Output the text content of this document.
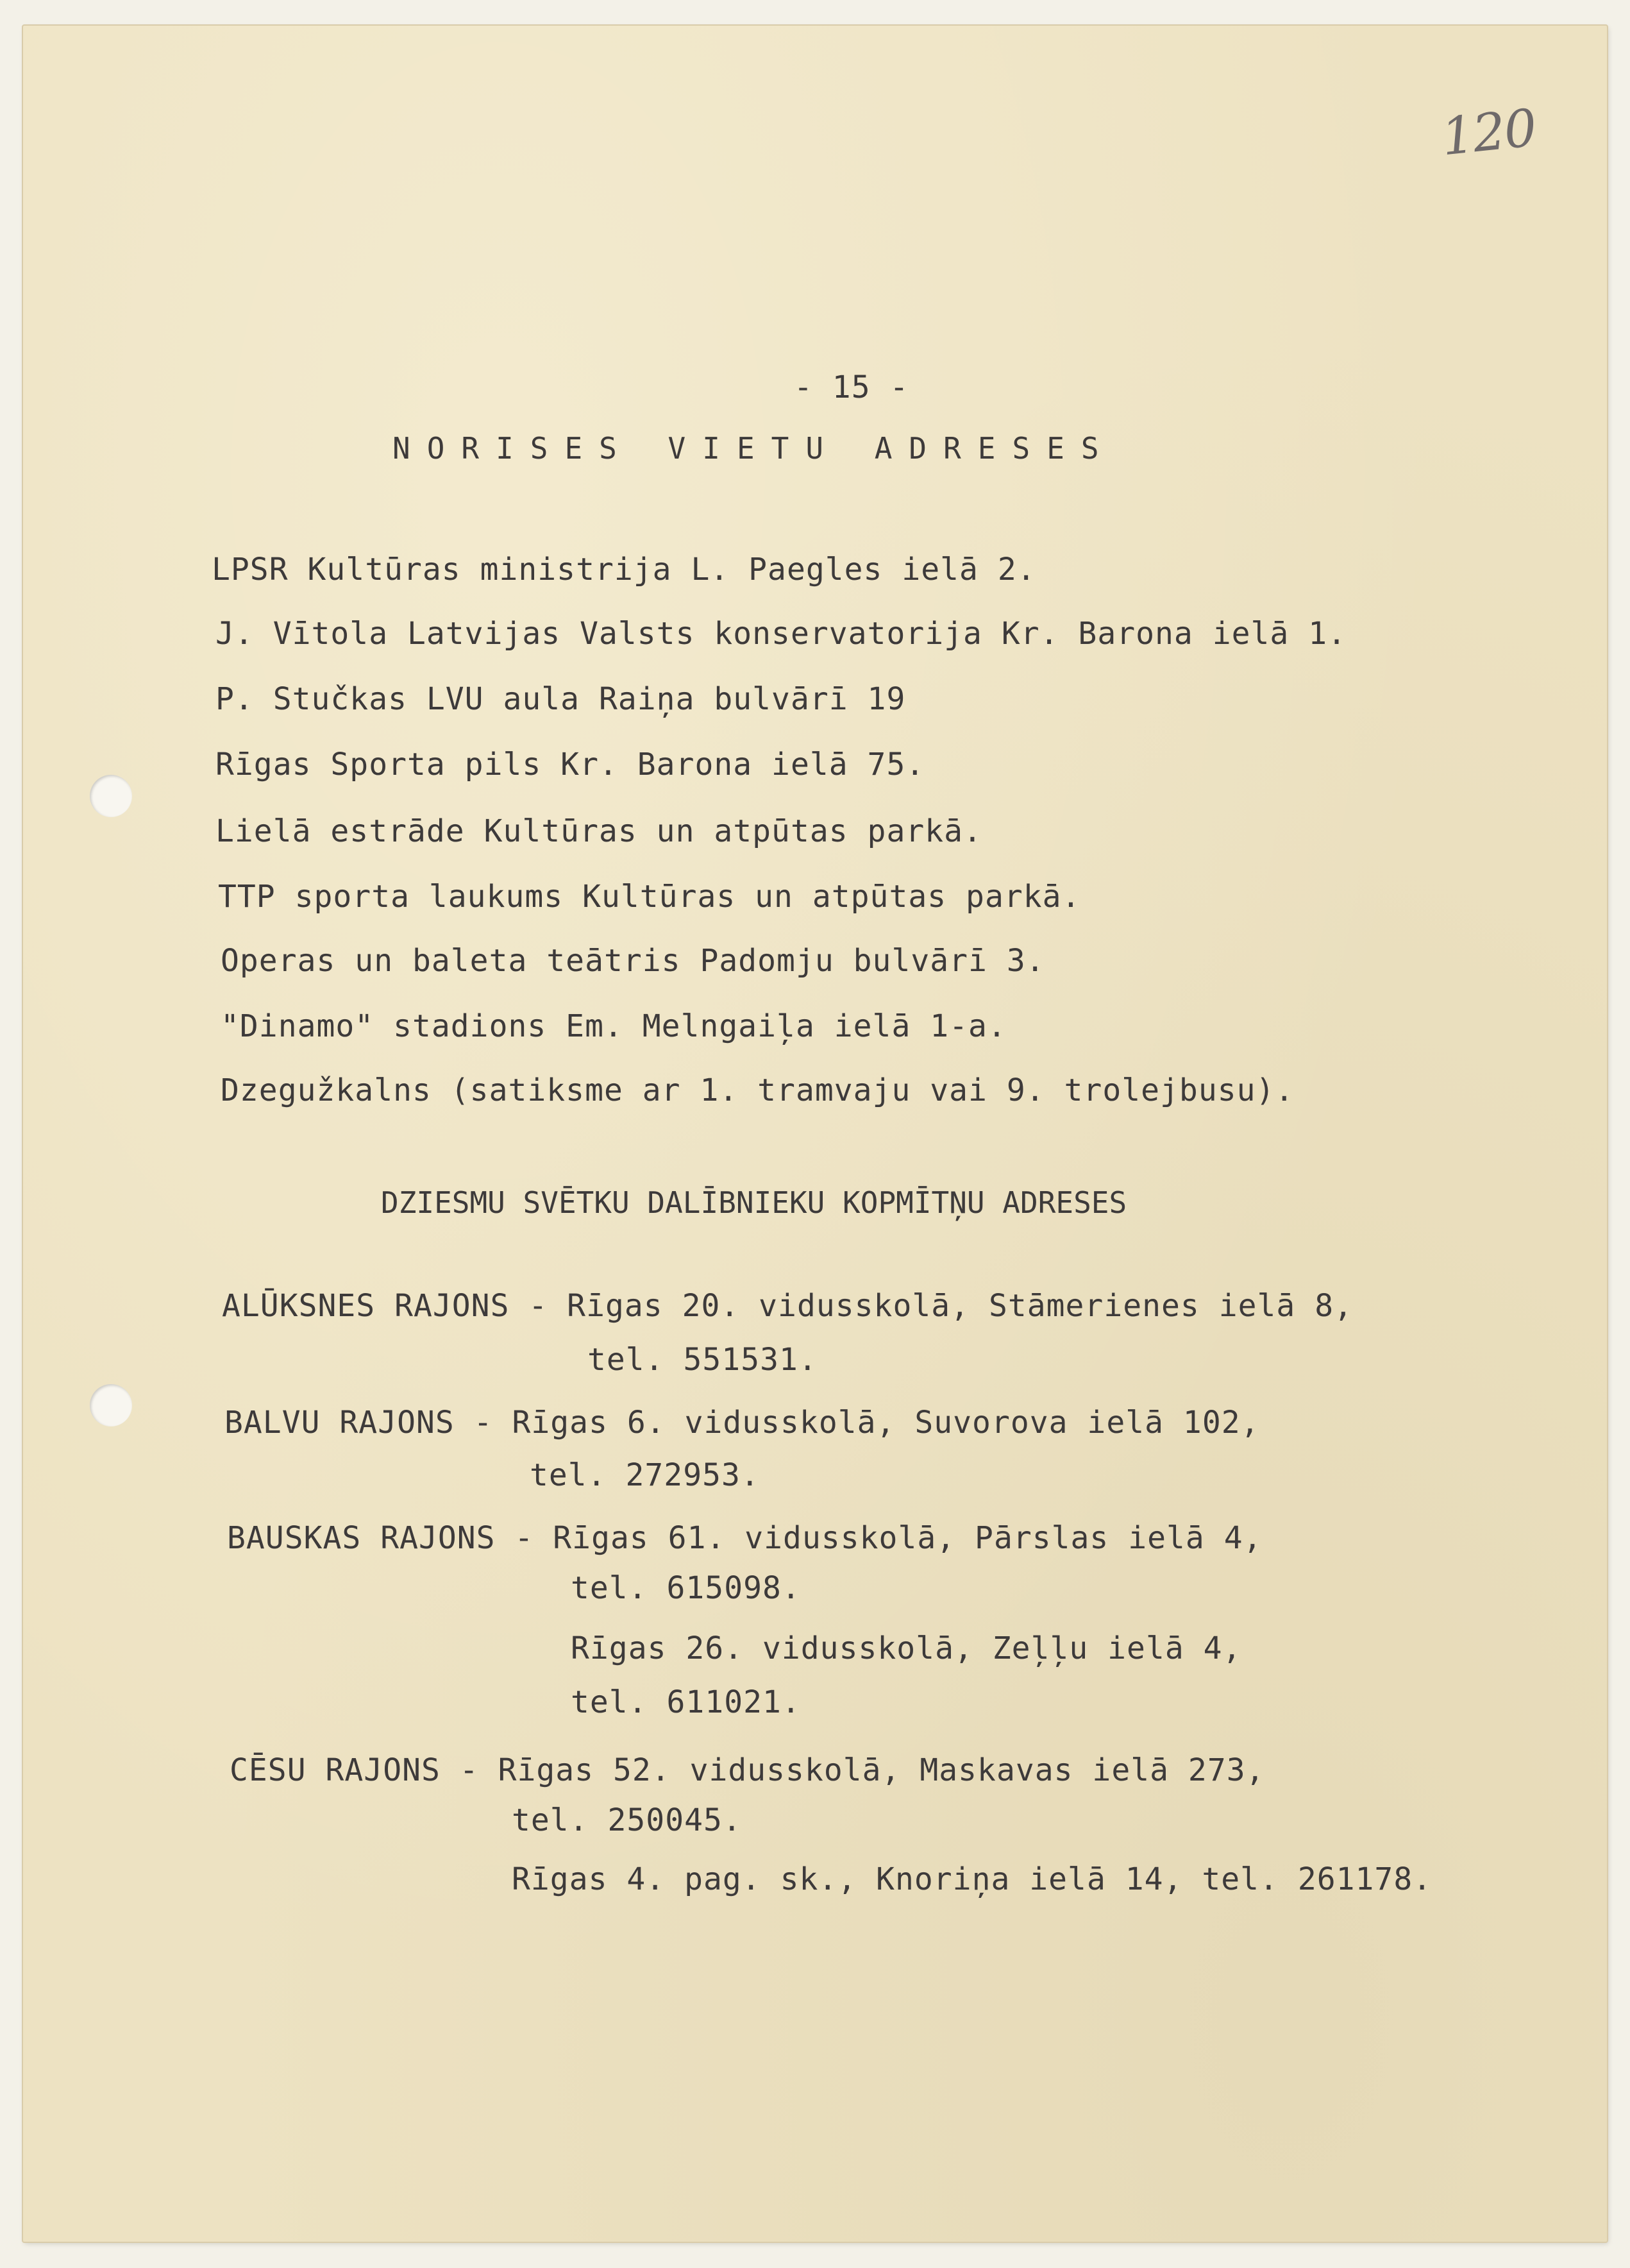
120
- 15 -
NORISES VIETU ADRESES
LPSR Kultūras ministrija L. Paegles ielā 2.
J. Vītola Latvijas Valsts konservatorija Kr. Barona ielā 1.
P. Stučkas LVU aula Raiņa bulvārī 19
Rīgas Sporta pils Kr. Barona ielā 75.
Lielā estrāde Kultūras un atpūtas parkā.
TTP sporta laukums Kultūras un atpūtas parkā.
Operas un baleta teātris Padomju bulvārī 3.
"Dinamo" stadions Em. Melngaiļa ielā 1-a.
Dzegužkalns (satiksme ar 1. tramvaju vai 9. trolejbusu).
DZIESMU SVĒTKU DALĪBNIEKU KOPMĪTŅU ADRESES
ALŪKSNES RAJONS - Rīgas 20. vidusskolā, Stāmerienes ielā 8,
tel. 551531.
BALVU RAJONS - Rīgas 6. vidusskolā, Suvorova ielā 102,
tel. 272953.
BAUSKAS RAJONS - Rīgas 61. vidusskolā, Pārslas ielā 4,
tel. 615098.
Rīgas 26. vidusskolā, Zeļļu ielā 4,
tel. 611021.
CĒSU RAJONS - Rīgas 52. vidusskolā, Maskavas ielā 273,
tel. 250045.
Rīgas 4. pag. sk., Knoriņa ielā 14, tel. 261178.
